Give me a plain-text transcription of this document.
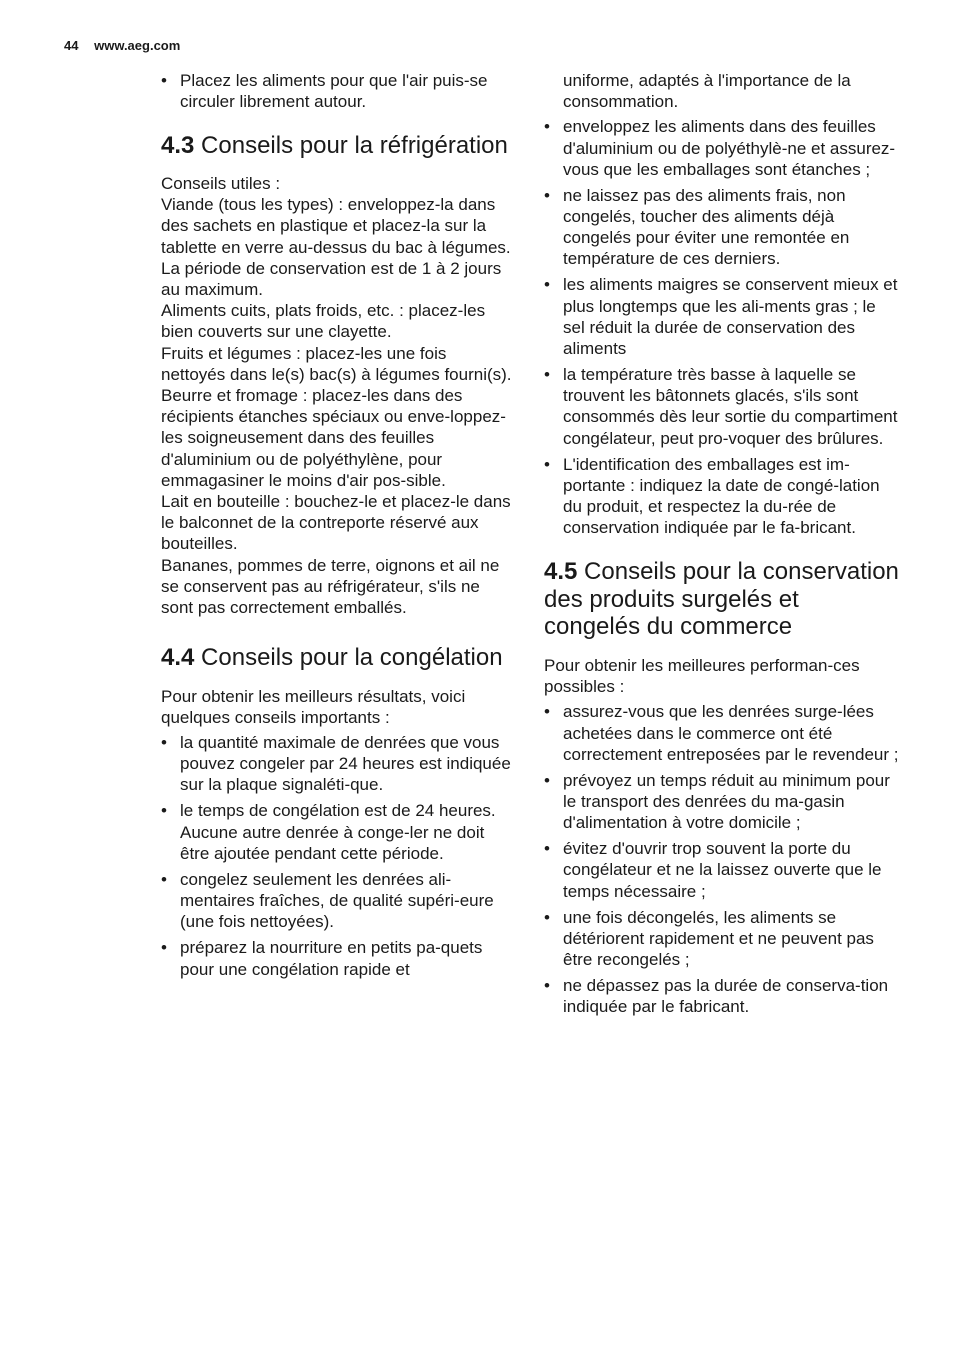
44 www.aeg.com
• Placez les aliments pour que l'air puis-se circuler librement autour.
4.3 Conseils pour la réfrigération
Conseils utiles :
Viande (tous les types) : enveloppez-la dans des sachets en plastique et placez-la sur la tablette en verre au-dessus du bac à légumes.
La période de conservation est de 1 à 2 jours au maximum.
Aliments cuits, plats froids, etc. : placez-les bien couverts sur une clayette.
Fruits et légumes : placez-les une fois nettoyés dans le(s) bac(s) à légumes fourni(s).
Beurre et fromage : placez-les dans des récipients étanches spéciaux ou enve-loppez-les soigneusement dans des feuilles d'aluminium ou de polyéthylène, pour emmagasiner le moins d'air pos-sible.
Lait en bouteille : bouchez-le et placez-le dans le balconnet de la contreporte réservé aux bouteilles.
Bananes, pommes de terre, oignons et ail ne se conservent pas au réfrigérateur, s'ils ne sont pas correctement emballés.
4.4 Conseils pour la congélation

Pour obtenir les meilleurs résultats, voici quelques conseils importants :

• la quantité maximale de denrées que vous pouvez congeler par 24 heures est indiquée sur la plaque signaléti-que.
• le temps de congélation est de 24 heures. Aucune autre denrée à conge-ler ne doit être ajoutée pendant cette période.
• congelez seulement les denrées ali-mentaires fraîches, de qualité supéri-eure (une fois nettoyées).
• préparez la nourriture en petits pa-quets pour une congélation rapide et

uniforme, adaptés à l'importance de la consommation.

• enveloppez les aliments dans des feuilles d'aluminium ou de polyéthylè-ne et assurez-vous que les emballages sont étanches ;
• ne laissez pas des aliments frais, non congelés, toucher des aliments déjà congelés pour éviter une remontée en température de ces derniers.
• les aliments maigres se conservent mieux et plus longtemps que les ali-ments gras ; le sel réduit la durée de conservation des aliments
• la température très basse à laquelle se trouvent les bâtonnets glacés, s'ils sont consommés dès leur sortie du compartiment congélateur, peut pro-voquer des brûlures.
• L'identification des emballages est im-portante : indiquez la date de congé-lation du produit, et respectez la du-rée de conservation indiquée par le fa-bricant.
4.5 Conseils pour la conservation des produits surgelés et congelés du commerce

Pour obtenir les meilleures performan-ces possibles :

• assurez-vous que les denrées surge-lées achetées dans le commerce ont été correctement entreposées par le revendeur ;
• prévoyez un temps réduit au minimum pour le transport des denrées du ma-gasin d'alimentation à votre domicile ;
• évitez d'ouvrir trop souvent la porte du congélateur et ne la laissez ouverte que le temps nécessaire ;
• une fois décongelés, les aliments se détériorent rapidement et ne peuvent pas être recongelés ;
• ne dépassez pas la durée de conserva-tion indiquée par le fabricant.
